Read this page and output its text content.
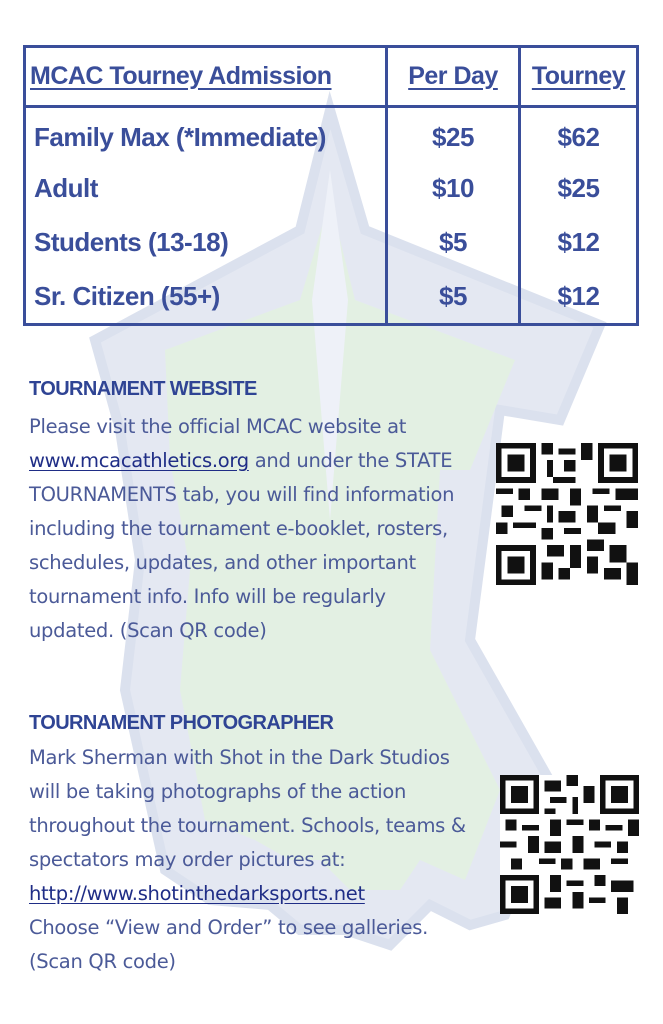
MCAC Tourney Admission	Per Day	Tourney
Family Max (*Immediate)	$25	$62
Adult	$10	$25
Students (13-18)	$5	$12
Sr. Citizen (55+)	$5	$12
TOURNAMENT WEBSITE
Please visit the official MCAC website at
www.mcacathletics.org and under the STATE
TOURNAMENTS tab, you will find information
including the tournament e-booklet, rosters,
schedules, updates, and other important
tournament info. Info will be regularly
updated. (Scan QR code)
TOURNAMENT PHOTOGRAPHER
Mark Sherman with Shot in the Dark Studios
will be taking photographs of the action
throughout the tournament. Schools, teams &
spectators may order pictures at:
http://www.shotinthedarksports.net
Choose “View and Order” to see galleries.
(Scan QR code)
